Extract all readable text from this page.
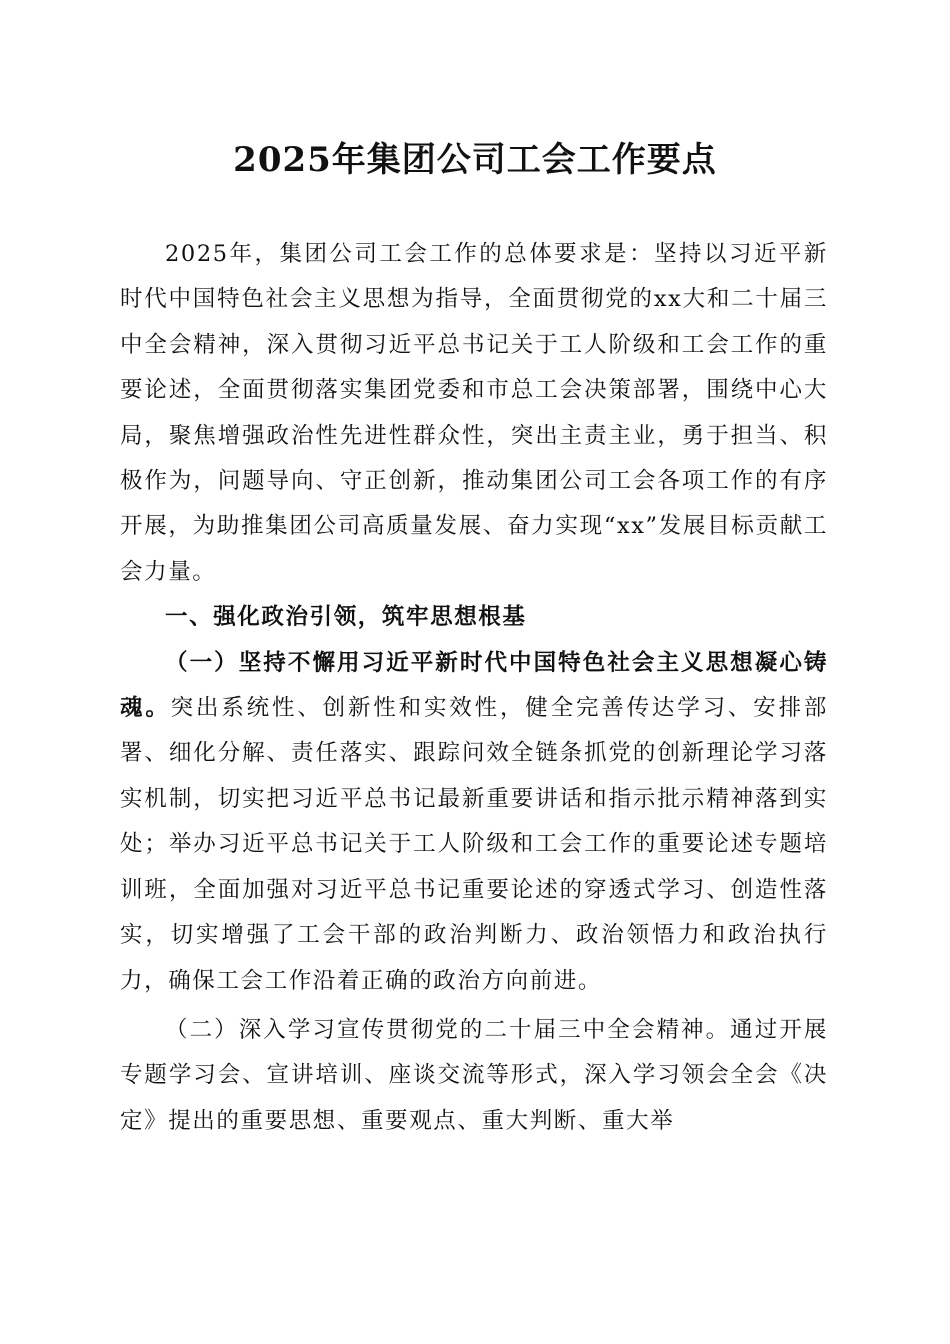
2025年集团公司工会工作要点

2025年，集团公司工会工作的总体要求是：坚持以习近平新时代中国特色社会主义思想为指导，全面贯彻党的xx大和二十届三中全会精神，深入贯彻习近平总书记关于工人阶级和工会工作的重要论述，全面贯彻落实集团党委和市总工会决策部署，围绕中心大局，聚焦增强政治性先进性群众性，突出主责主业，勇于担当、积极作为，问题导向、守正创新，推动集团公司工会各项工作的有序开展，为助推集团公司高质量发展、奋力实现“xx”发展目标贡献工会力量。

一、强化政治引领，筑牢思想根基

（一）坚持不懈用习近平新时代中国特色社会主义思想凝心铸魂。突出系统性、创新性和实效性，健全完善传达学习、安排部署、细化分解、责任落实、跟踪问效全链条抓党的创新理论学习落实机制，切实把习近平总书记最新重要讲话和指示批示精神落到实处；举办习近平总书记关于工人阶级和工会工作的重要论述专题培训班，全面加强对习近平总书记重要论述的穿透式学习、创造性落实，切实增强了工会干部的政治判断力、政治领悟力和政治执行力，确保工会工作沿着正确的政治方向前进。

（二）深入学习宣传贯彻党的二十届三中全会精神。通过开展专题学习会、宣讲培训、座谈交流等形式，深入学习领会全会《决定》提出的重要思想、重要观点、重大判断、重大举
